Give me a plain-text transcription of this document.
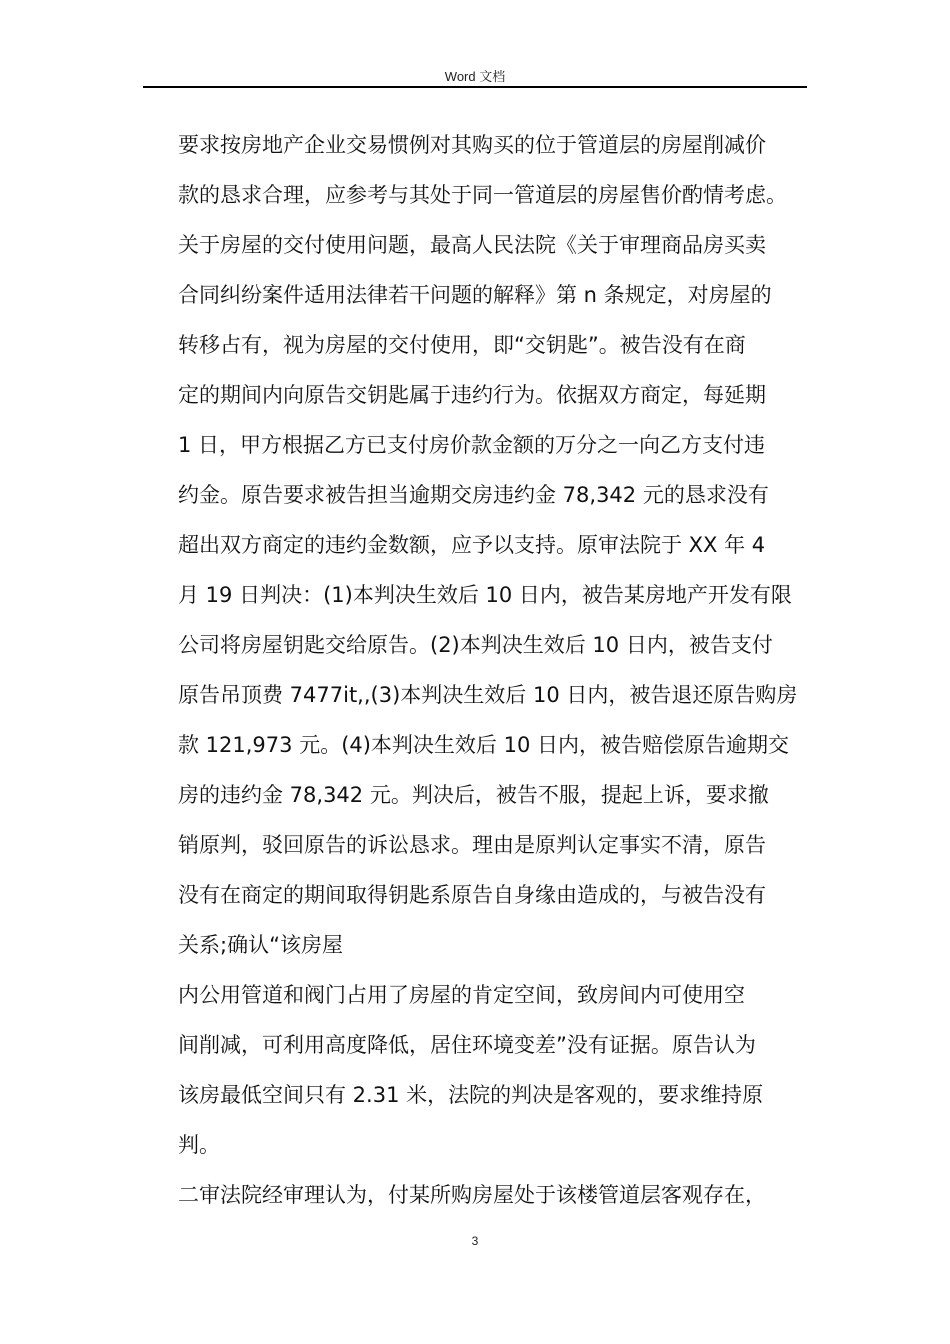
Word 文档
要求按房地产企业交易惯例对其购买的位于管道层的房屋削减价
款的恳求合理，应参考与其处于同一管道层的房屋售价酌情考虑。
关于房屋的交付使用问题，最高人民法院《关于审理商品房买卖
合同纠纷案件适用法律若干问题的解释》第 n 条规定，对房屋的
转移占有，视为房屋的交付使用，即“交钥匙”。被告没有在商
定的期间内向原告交钥匙属于违约行为。依据双方商定，每延期
1 日，甲方根据乙方已支付房价款金额的万分之一向乙方支付违
约金。原告要求被告担当逾期交房违约金 78,342 元的恳求没有
超出双方商定的违约金数额，应予以支持。原审法院于 XX 年 4
月 19 日判决：(1)本判决生效后 10 日内，被告某房地产开发有限
公司将房屋钥匙交给原告。(2)本判决生效后 10 日内，被告支付
原告吊顶费 7477it,,(3)本判决生效后 10 日内，被告退还原告购房
款 121,973 元。(4)本判决生效后 10 日内，被告赔偿原告逾期交
房的违约金 78,342 元。判决后，被告不服，提起上诉，要求撤
销原判，驳回原告的诉讼恳求。理由是原判认定事实不清，原告
没有在商定的期间取得钥匙系原告自身缘由造成的，与被告没有
关系;确认“该房屋
内公用管道和阀门占用了房屋的肯定空间，致房间内可使用空
间削减，可利用高度降低，居住环境变差”没有证据。原告认为
该房最低空间只有 2.31 米，法院的判决是客观的，要求维持原
判。
二审法院经审理认为，付某所购房屋处于该楼管道层客观存在，
3
